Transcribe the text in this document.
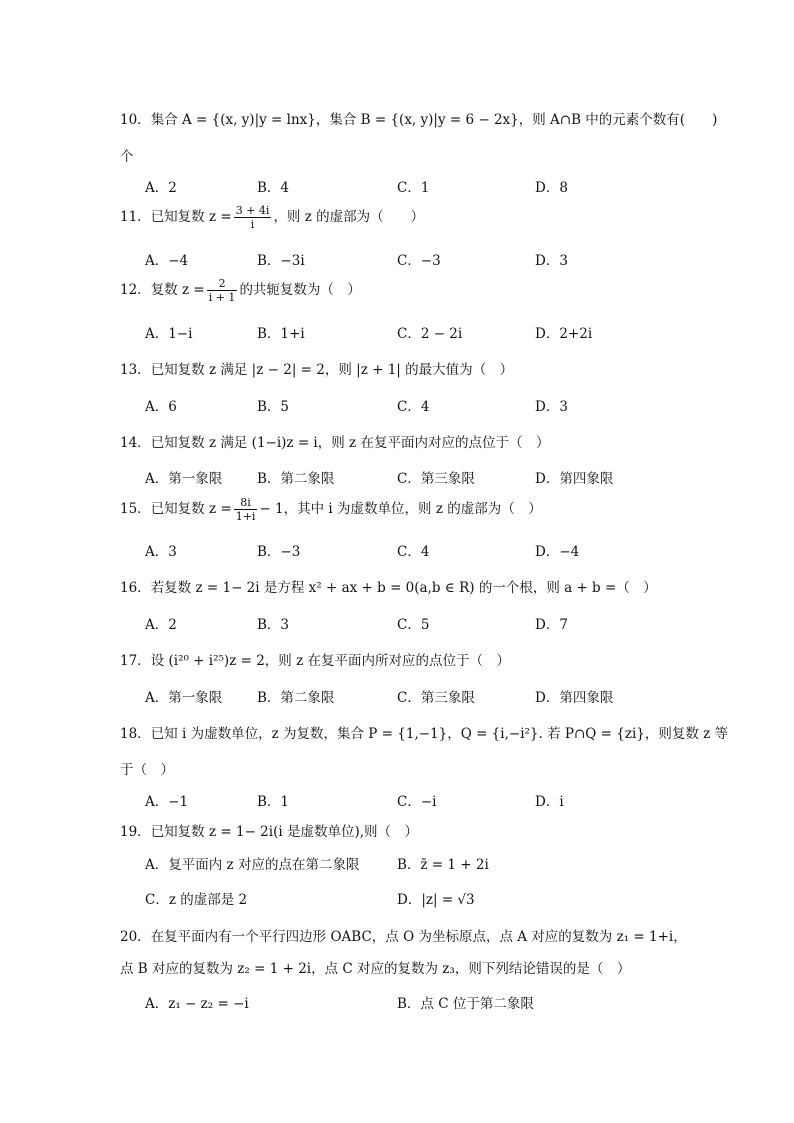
10．集合 A = {(x, y)|y = lnx}，集合 B = {(x, y)|y = 6 − 2x}，则 A∩B 中的元素个数有(　　)
个
A．2	B．4	C．1	D．8
11．已知复数 $z = \frac{3 + 4i}{i}$ ，则 z 的虚部为（　　）
A．−4	B．−3i	C．−3	D．3
12．复数 $z = \frac{2}{i + 1}$ 的共轭复数为（　）
A．1−i	B．1+i	C．2 − 2i	D．2+2i
13．已知复数 z 满足 |z − 2| = 2，则 |z + 1| 的最大值为（　）
A．6	B．5	C．4	D．3
14．已知复数 z 满足 (1−i)z = i，则 z 在复平面内对应的点位于（　）
A．第一象限	B．第二象限	C．第三象限	D．第四象限
15．已知复数 $z = \frac{8i}{1+i} - 1$，其中 i 为虚数单位，则 z 的虚部为（　）
A．3	B．−3	C．4	D．−4
16．若复数 z = 1− 2i 是方程 x² + ax + b = 0(a,b ∈ R) 的一个根，则 a + b =（　）
A．2	B．3	C．5	D．7
17．设 (i²⁰ + i²⁵)z = 2，则 z 在复平面内所对应的点位于（　）
A．第一象限	B．第二象限	C．第三象限	D．第四象限
18．已知 i 为虚数单位，z 为复数，集合 P = {1,−1}，Q = {i,−i²}. 若 P∩Q = {zi}，则复数 z 等
于（　）
A．−1	B．1	C．−i	D．i
19．已知复数 z = 1− 2i(i 是虚数单位),则（　）
A．复平面内 z 对应的点在第二象限	B．z̄ = 1 + 2i
C．z 的虚部是 2	D．|z| = √3
20．在复平面内有一个平行四边形 OABC，点 O 为坐标原点，点 A 对应的复数为 z₁ = 1+i，
点 B 对应的复数为 z₂ = 1 + 2i，点 C 对应的复数为 z₃，则下列结论错误的是（　）
A．z₁ − z₂ = −i	B．点 C 位于第二象限
